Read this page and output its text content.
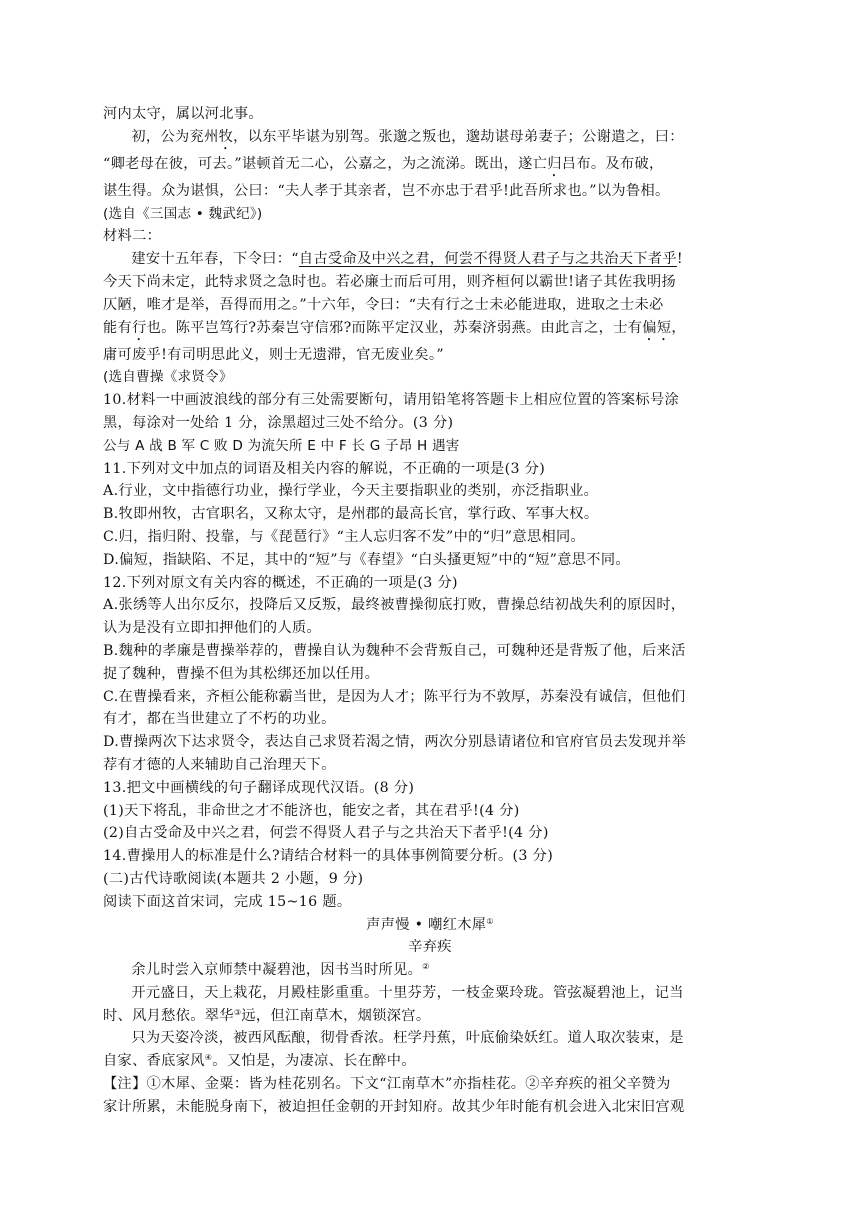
河内太守，属以河北事。

初，公为兖州牧，以东平毕谌为别驾。张邈之叛也，邈劫谌母弟妻子；公谢遣之，曰：

“卿老母在彼，可去。”谌顿首无二心，公嘉之，为之流涕。既出，遂亡归吕布。及布破，

谌生得。众为谌惧，公曰：“夫人孝于其亲者，岂不亦忠于君乎!此吾所求也。”以为鲁相。

(选自《三国志 • 魏武纪》)

材料二：

建安十五年春，下令曰：“自古受命及中兴之君，何尝不得贤人君子与之共治天下者乎!

今天下尚未定，此特求贤之急时也。若必廉士而后可用，则齐桓何以霸世!诸子其佐我明扬

仄陋，唯才是举，吾得而用之。”十六年，令曰：“夫有行之士未必能进取，进取之士未必

能有行也。陈平岂笃行?苏秦岂守信邪?而陈平定汉业，苏秦济弱燕。由此言之，士有偏短，

庸可废乎!有司明思此义，则士无遗滞，官无废业矣。”

(选自曹操《求贤令》

10.材料一中画波浪线的部分有三处需要断句，请用铅笔将答题卡上相应位置的答案标号涂

黑，每涂对一处给 1 分，涂黑超过三处不给分。(3 分)

公与 A 战 B 军 C 败 D 为流矢所 E 中 F 长 G 子昂 H 遇害

11.下列对文中加点的词语及相关内容的解说，不正确的一项是(3 分)

A.行业，文中指德行功业，操行学业，今天主要指职业的类别，亦泛指职业。

B.牧即州牧，古官职名，又称太守，是州郡的最高长官，掌行政、军事大权。

C.归，指归附、投靠，与《琵琶行》“主人忘归客不发”中的“归”意思相同。

D.偏短，指缺陷、不足，其中的“短”与《春望》“白头搔更短”中的“短”意思不同。

12.下列对原文有关内容的概述，不正确的一项是(3 分)

A.张绣等人出尔反尔，投降后又反叛，最终被曹操彻底打败，曹操总结初战失利的原因时，

认为是没有立即扣押他们的人质。

B.魏种的孝廉是曹操举荐的，曹操自认为魏种不会背叛自己，可魏种还是背叛了他，后来活

捉了魏种，曹操不但为其松绑还加以任用。

C.在曹操看来，齐桓公能称霸当世，是因为人才；陈平行为不敦厚，苏秦没有诚信，但他们

有才，都在当世建立了不朽的功业。

D.曹操两次下达求贤令，表达自己求贤若渴之情，两次分别恳请诸位和官府官员去发现并举

荐有才德的人来辅助自己治理天下。

13.把文中画横线的句子翻译成现代汉语。(8 分)

(1)天下将乱，非命世之才不能济也，能安之者，其在君乎!(4 分)

(2)自古受命及中兴之君，何尝不得贤人君子与之共治天下者乎!(4 分)

14.曹操用人的标准是什么?请结合材料一的具体事例简要分析。(3 分)

(二)古代诗歌阅读(本题共 2 小题，9 分)

阅读下面这首宋词，完成 15~16 题。

声声慢 • 嘲红木犀①

辛弃疾

余儿时尝入京师禁中凝碧池，因书当时所见。②

开元盛日，天上栽花，月殿桂影重重。十里芬芳，一枝金粟玲珑。管弦凝碧池上，记当

时、风月愁依。翠华③远，但江南草木，烟锁深宫。

只为天姿冷淡，被西风酝酿，彻骨香浓。枉学丹蕉，叶底偷染妖红。道人取次装束，是

自家、香底家风④。又怕是，为凄凉、长在醉中。

【注】①木犀、金粟：皆为桂花别名。下文“江南草木”亦指桂花。②辛弃疾的祖父辛赞为

家计所累，未能脱身南下，被迫担任金朝的开封知府。故其少年时能有机会进入北宋旧宫观
